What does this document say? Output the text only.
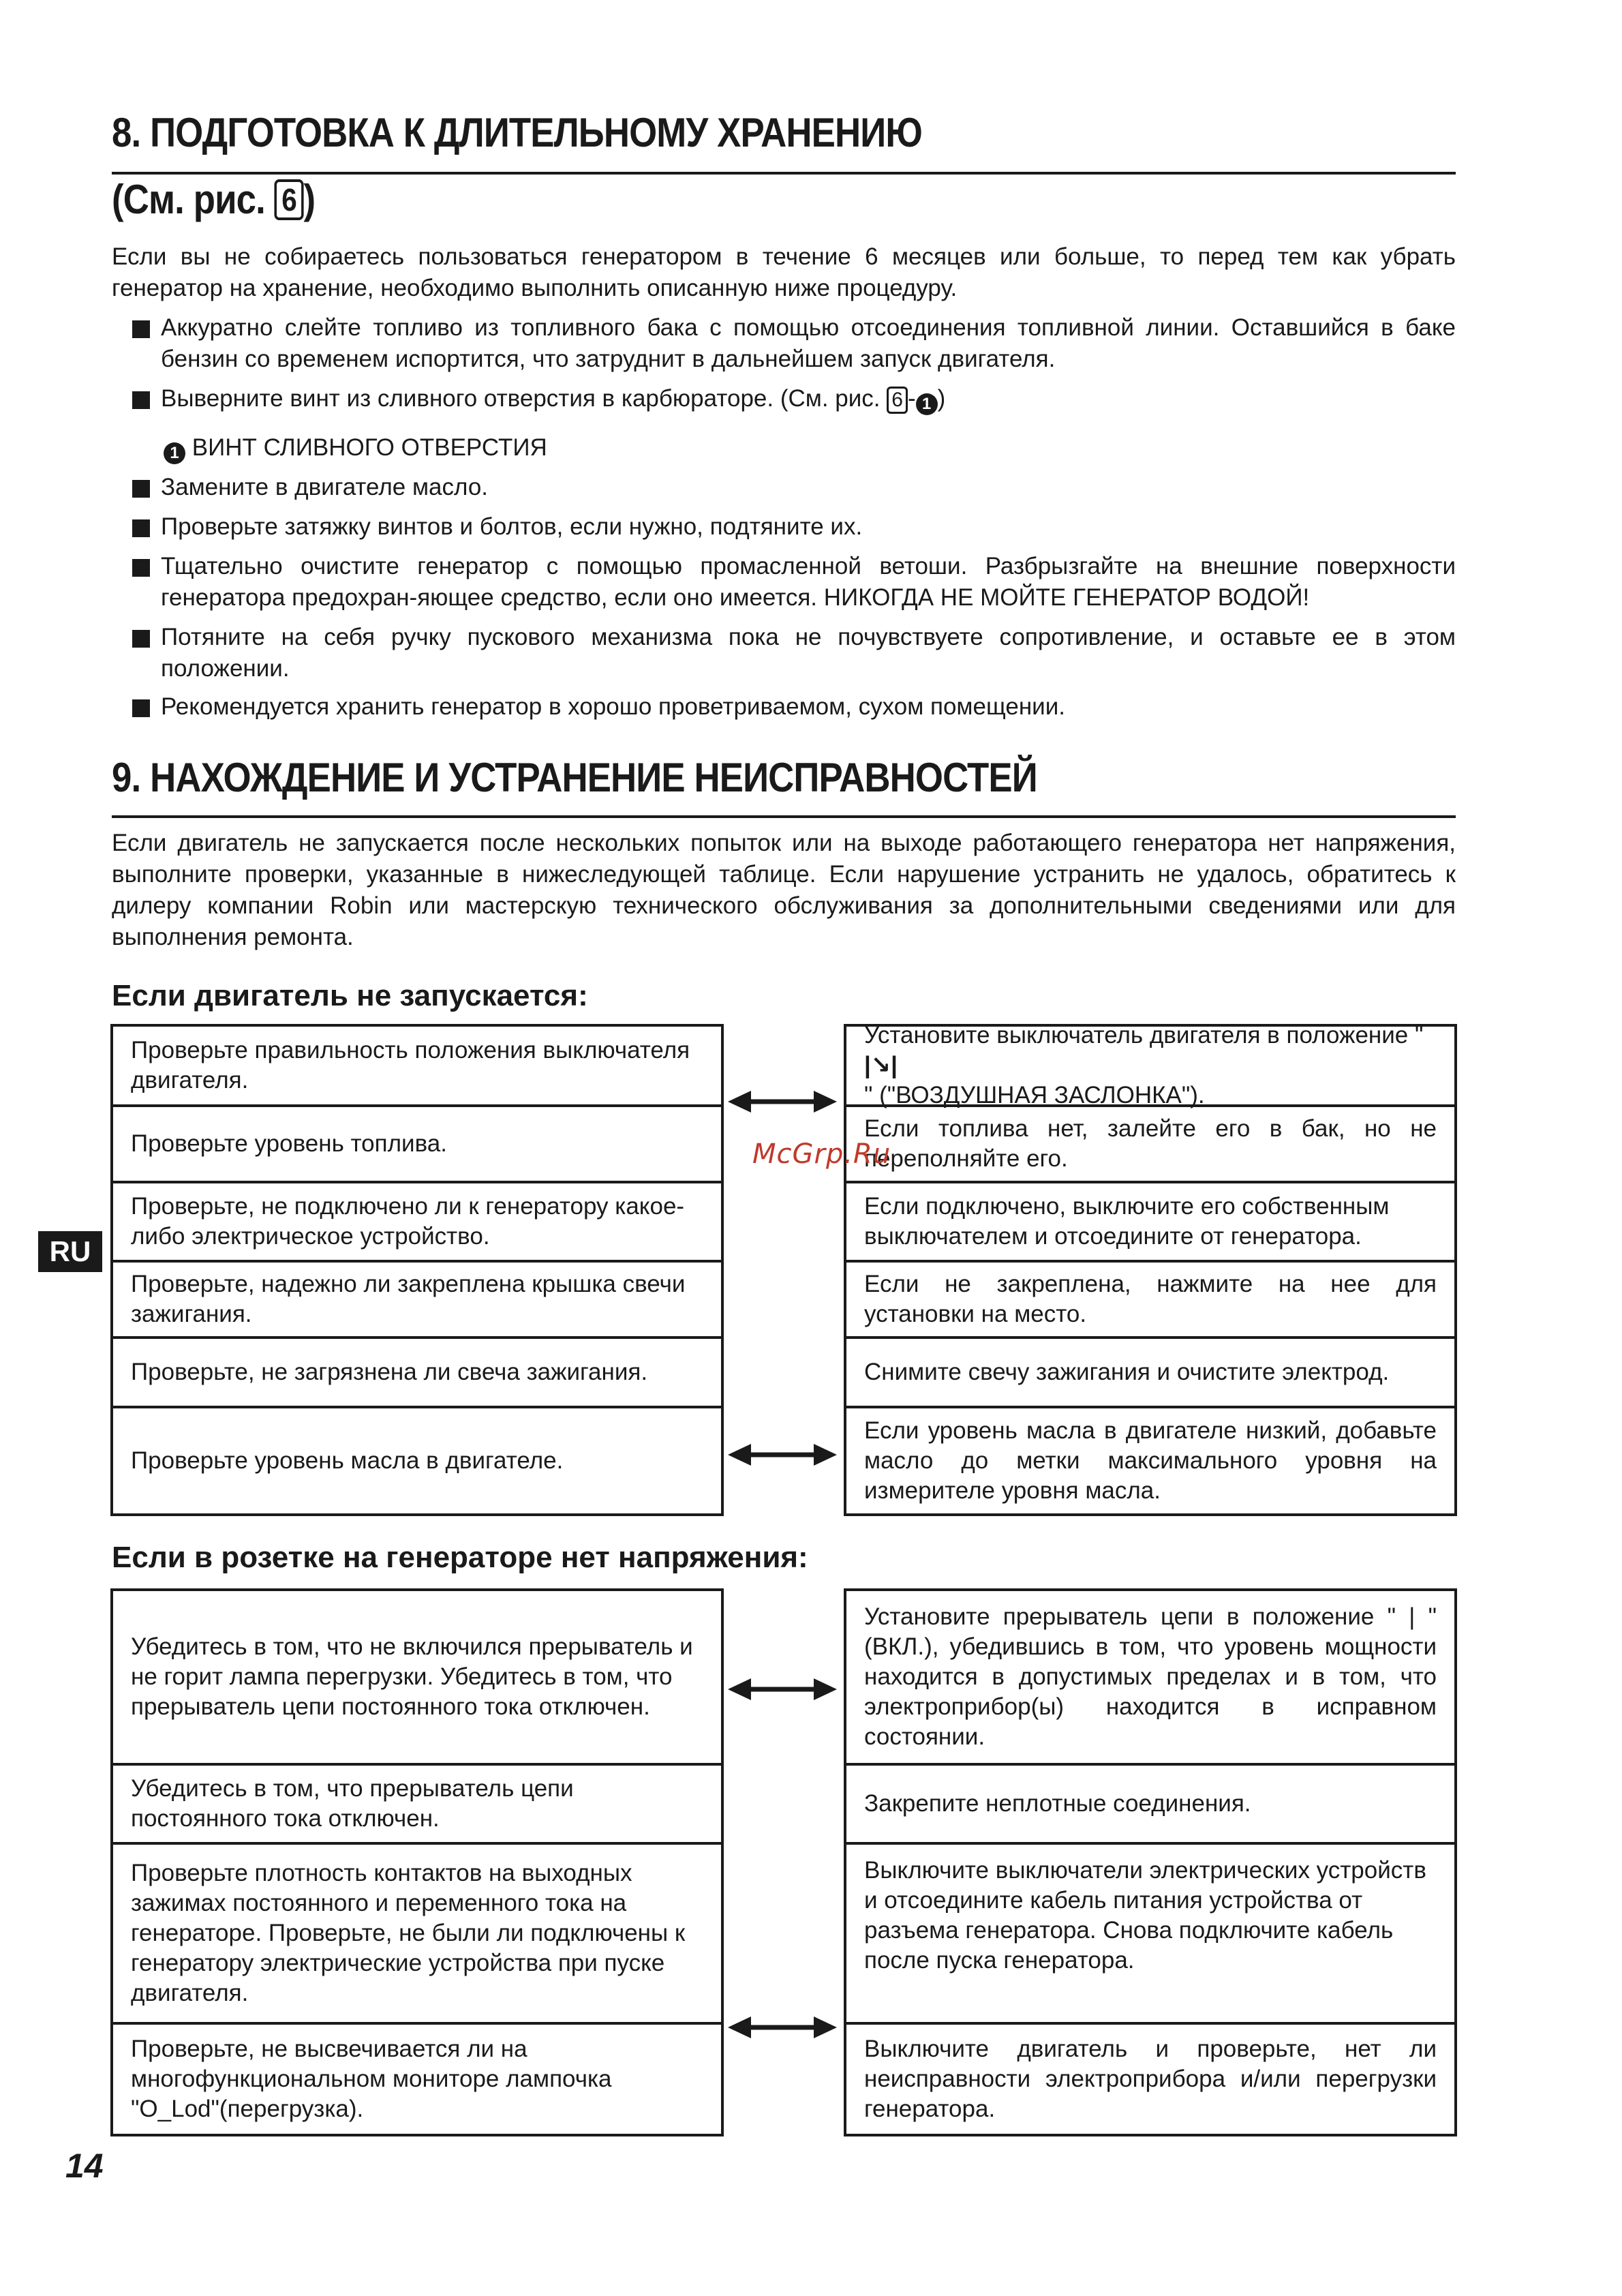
8. ПОДГОТОВКА К ДЛИТЕЛЬНОМУ ХРАНЕНИЮ
(См. рис. 6 )

Если вы не собираетесь пользоваться генератором в течение 6 месяцев или больше, то перед тем как убрать генератор на хранение, необходимо выполнить описанную ниже процедуру.

Аккуратно слейте топливо из топливного бака с помощью отсоединения топливной линии. Оставшийся в баке бензин со временем испортится, что затруднит в дальнейшем запуск двигателя.

Выверните винт из сливного отверстия в карбюраторе. (См. рис. 6 - 1 )

1 ВИНТ СЛИВНОГО ОТВЕРСТИЯ

Замените в двигателе масло.

Проверьте затяжку винтов и болтов, если нужно, подтяните их.

Тщательно очистите генератор с помощью промасленной ветоши. Разбрызгайте на внешние поверхности генератора предохран-яющее средство, если оно имеется. НИКОГДА НЕ МОЙТЕ ГЕНЕРАТОР ВОДОЙ!

Потяните на себя ручку пускового механизма пока не почувствуете сопротивление, и оставьте ее в этом положении.

Рекомендуется хранить генератор в хорошо проветриваемом, сухом помещении.

9. НАХОЖДЕНИЕ И УСТРАНЕНИЕ НЕИСПРАВНОСТЕЙ

Если двигатель не запускается после нескольких попыток или на выходе работающего генератора нет напряжения, выполните проверки, указанные в нижеследующей таблице. Если нарушение устранить не удалось, обратитесь к дилеру компании Robin или мастерскую технического обслуживания за дополнительными сведениями или для выполнения ремонта.

Если двигатель не запускается:
Проверьте правильность положения выключателя двигателя.
Проверьте уровень топлива.
Проверьте, не подключено ли к генератору какое-либо электрическое устройство.
Проверьте, надежно ли закреплена крышка свечи зажигания.
Проверьте, не загрязнена ли свеча зажигания.
Проверьте уровень масла в двигателе.
Установите выключатель двигателя в положение "
|↘|
" ("ВОЗДУШНАЯ ЗАСЛОНКА").
Если топлива нет, залейте его в бак, но не переполняйте его.
Если подключено, выключите его собственным выключателем и отсоедините от генератора.
Если не закреплена, нажмите на нее для установки на место.
Снимите свечу зажигания и очистите электрод.
Если уровень масла в двигателе низкий, добавьте масло до метки максимального уровня на измерителе уровня масла.
Если в розетке на генераторе нет напряжения:
Убедитесь в том, что не включился прерыватель и не горит лампа перегрузки. Убедитесь в том, что прерыватель цепи постоянного тока отключен.
Убедитесь в том, что прерыватель цепи постоянного тока отключен.
Проверьте плотность контактов на выходных зажимах постоянного и переменного тока на генераторе. Проверьте, не были ли подключены к генератору электрические устройства при пуске двигателя.
Проверьте, не высвечивается ли на многофункциональном мониторе лампочка "O_Lod"(перегрузка).
Установите прерыватель цепи в положение " | " (ВКЛ.), убедившись в том, что уровень мощности находится в допустимых пределах и в том, что электроприбор(ы) находится в исправном состоянии.
Закрепите неплотные соединения.
Выключите выключатели электрических устройств и отсоедините кабель питания устройства от разъема генератора. Снова подключите кабель после пуска генератора.
Выключите двигатель и проверьте, нет ли неисправности электроприбора и/или перегрузки генератора.
RU
14
McGrp.Ru
